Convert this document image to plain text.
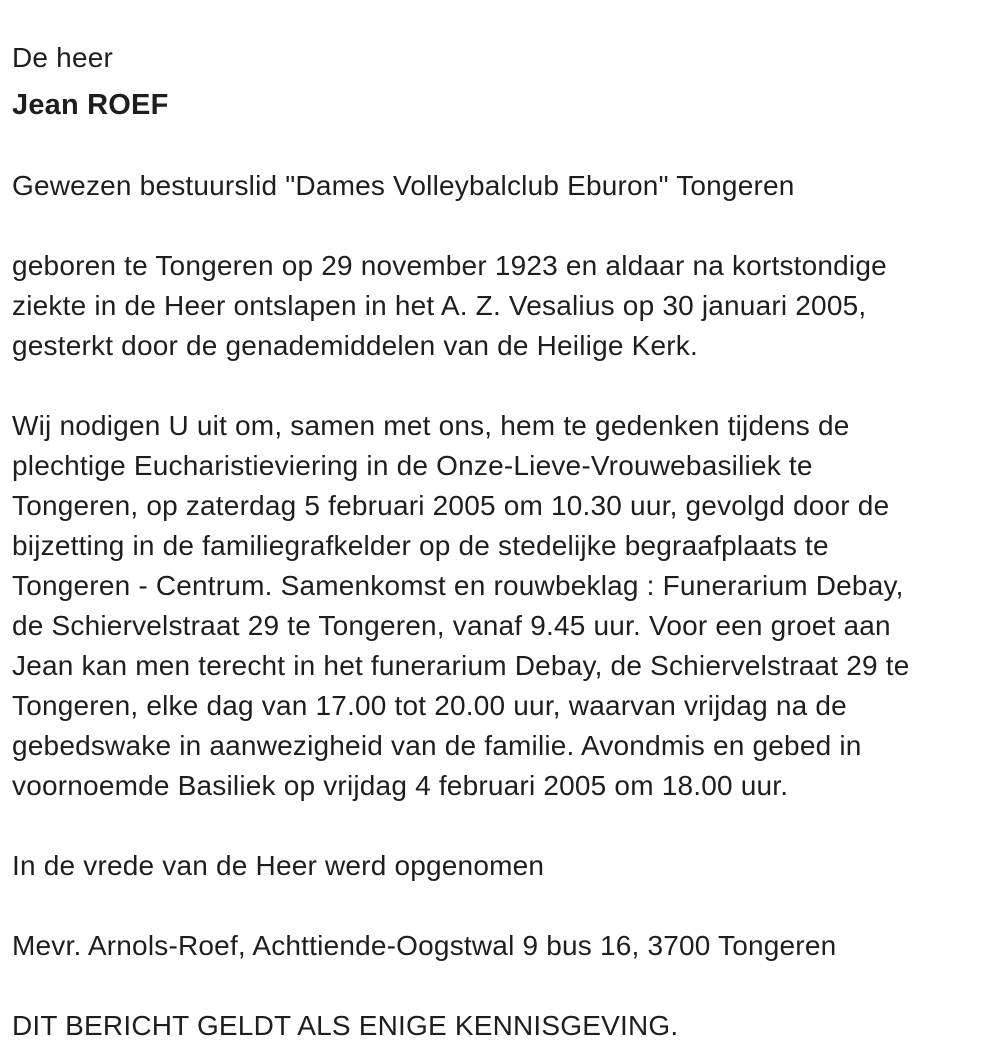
De heer

Jean ROEF

Gewezen bestuurslid "Dames Volleybalclub Eburon" Tongeren

geboren te Tongeren op 29 november 1923 en aldaar na kortstondige
ziekte in de Heer ontslapen in het A. Z. Vesalius op 30 januari 2005,
gesterkt door de genademiddelen van de Heilige Kerk.

Wij nodigen U uit om, samen met ons, hem te gedenken tijdens de
plechtige Eucharistieviering in de Onze-Lieve-Vrouwebasiliek te
Tongeren, op zaterdag 5 februari 2005 om 10.30 uur, gevolgd door de
bijzetting in de familiegrafkelder op de stedelijke begraafplaats te
Tongeren - Centrum. Samenkomst en rouwbeklag : Funerarium Debay,
de Schiervelstraat 29 te Tongeren, vanaf 9.45 uur. Voor een groet aan
Jean kan men terecht in het funerarium Debay, de Schiervelstraat 29 te
Tongeren, elke dag van 17.00 tot 20.00 uur, waarvan vrijdag na de
gebedswake in aanwezigheid van de familie. Avondmis en gebed in
voornoemde Basiliek op vrijdag 4 februari 2005 om 18.00 uur.

In de vrede van de Heer werd opgenomen

Mevr. Arnols-Roef, Achttiende-Oogstwal 9 bus 16, 3700 Tongeren

DIT BERICHT GELDT ALS ENIGE KENNISGEVING.
